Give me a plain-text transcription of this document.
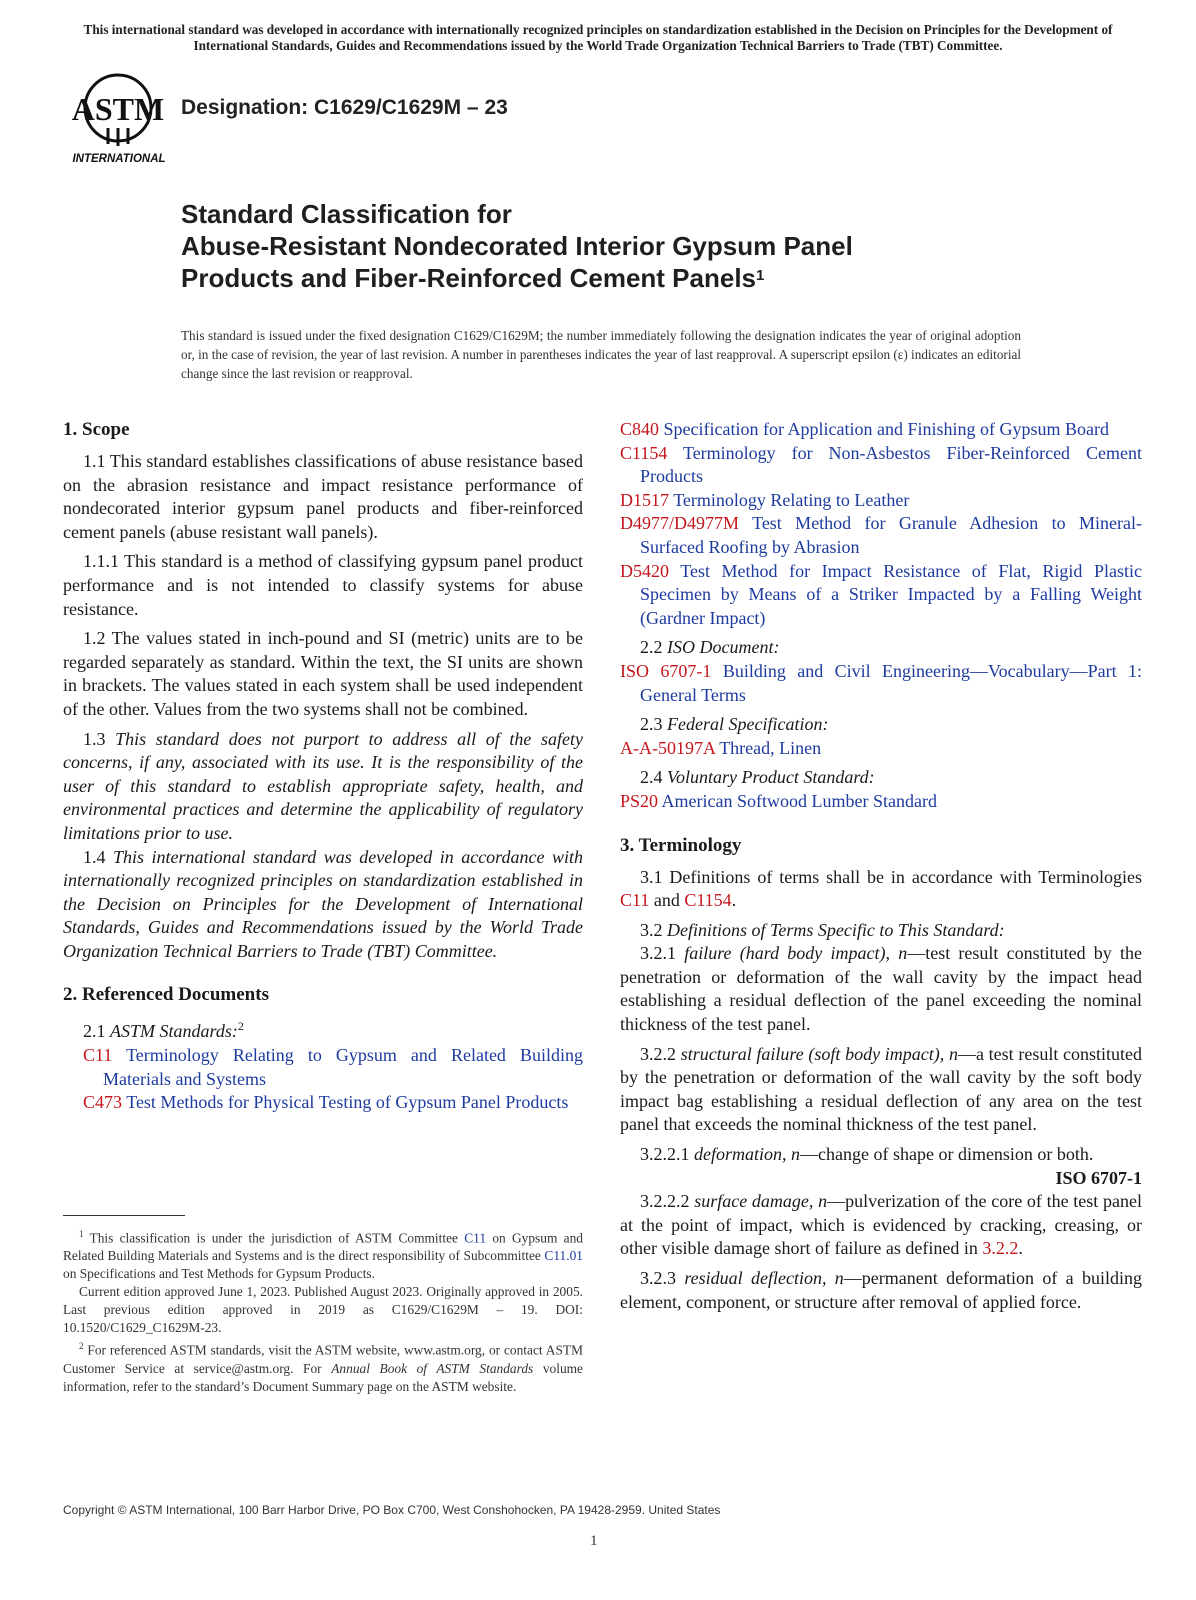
This international standard was developed in accordance with internationally recognized principles on standardization established in the Decision on Principles for the Development of International Standards, Guides and Recommendations issued by the World Trade Organization Technical Barriers to Trade (TBT) Committee.
ASTM
INTERNATIONAL
Designation: C1629/C1629M – 23
Standard Classification for
Abuse-Resistant Nondecorated Interior Gypsum Panel
Products and Fiber-Reinforced Cement Panels$^1$
This standard is issued under the fixed designation C1629/C1629M; the number immediately following the designation indicates the year of original adoption or, in the case of revision, the year of last revision. A number in parentheses indicates the year of last reapproval. A superscript epsilon (ε) indicates an editorial change since the last revision or reapproval.
1. Scope

1.1 This standard establishes classifications of abuse resistance based on the abrasion resistance and impact resistance performance of nondecorated interior gypsum panel products and fiber-reinforced cement panels (abuse resistant wall panels).

1.1.1 This standard is a method of classifying gypsum panel product performance and is not intended to classify systems for abuse resistance.

1.2 The values stated in inch-pound and SI (metric) units are to be regarded separately as standard. Within the text, the SI units are shown in brackets. The values stated in each system shall be used independent of the other. Values from the two systems shall not be combined.

1.3 This standard does not purport to address all of the safety concerns, if any, associated with its use. It is the responsibility of the user of this standard to establish appropriate safety, health, and environmental practices and determine the applicability of regulatory limitations prior to use.

1.4 This international standard was developed in accordance with internationally recognized principles on standardization established in the Decision on Principles for the Development of International Standards, Guides and Recommendations issued by the World Trade Organization Technical Barriers to Trade (TBT) Committee.

2. Referenced Documents

2.1 ASTM Standards:$^2$

C11 Terminology Relating to Gypsum and Related Building Materials and Systems

C473 Test Methods for Physical Testing of Gypsum Panel Products

$^1$ This classification is under the jurisdiction of ASTM Committee C11 on Gypsum and Related Building Materials and Systems and is the direct responsibility of Subcommittee C11.01 on Specifications and Test Methods for Gypsum Products.

Current edition approved June 1, 2023. Published August 2023. Originally approved in 2005. Last previous edition approved in 2019 as C1629/C1629M – 19. DOI: 10.1520/C1629_C1629M-23.

$^2$ For referenced ASTM standards, visit the ASTM website, www.astm.org, or contact ASTM Customer Service at service@astm.org. For Annual Book of ASTM Standards volume information, refer to the standard’s Document Summary page on the ASTM website.

C840 Specification for Application and Finishing of Gypsum Board

C1154 Terminology for Non-Asbestos Fiber-Reinforced Cement Products

D1517 Terminology Relating to Leather

D4977/D4977M Test Method for Granule Adhesion to Mineral-Surfaced Roofing by Abrasion

D5420 Test Method for Impact Resistance of Flat, Rigid Plastic Specimen by Means of a Striker Impacted by a Falling Weight (Gardner Impact)

2.2 ISO Document:

ISO 6707-1 Building and Civil Engineering—Vocabulary—Part 1: General Terms

2.3 Federal Specification:

A-A-50197A Thread, Linen

2.4 Voluntary Product Standard:

PS20 American Softwood Lumber Standard

3. Terminology

3.1 Definitions of terms shall be in accordance with Terminologies C11 and C1154.

3.2 Definitions of Terms Specific to This Standard:

3.2.1 failure (hard body impact), n—test result constituted by the penetration or deformation of the wall cavity by the impact head establishing a residual deflection of the panel exceeding the nominal thickness of the test panel.

3.2.2 structural failure (soft body impact), n—a test result constituted by the penetration or deformation of the wall cavity by the soft body impact bag establishing a residual deflection of any area on the test panel that exceeds the nominal thickness of the test panel.

3.2.2.1 deformation, n—change of shape or dimension or both.
ISO 6707-1

3.2.2.2 surface damage, n—pulverization of the core of the test panel at the point of impact, which is evidenced by cracking, creasing, or other visible damage short of failure as defined in 3.2.2.

3.2.3 residual deflection, n—permanent deformation of a building element, component, or structure after removal of applied force.

Copyright © ASTM International, 100 Barr Harbor Drive, PO Box C700, West Conshohocken, PA 19428-2959. United States
1
